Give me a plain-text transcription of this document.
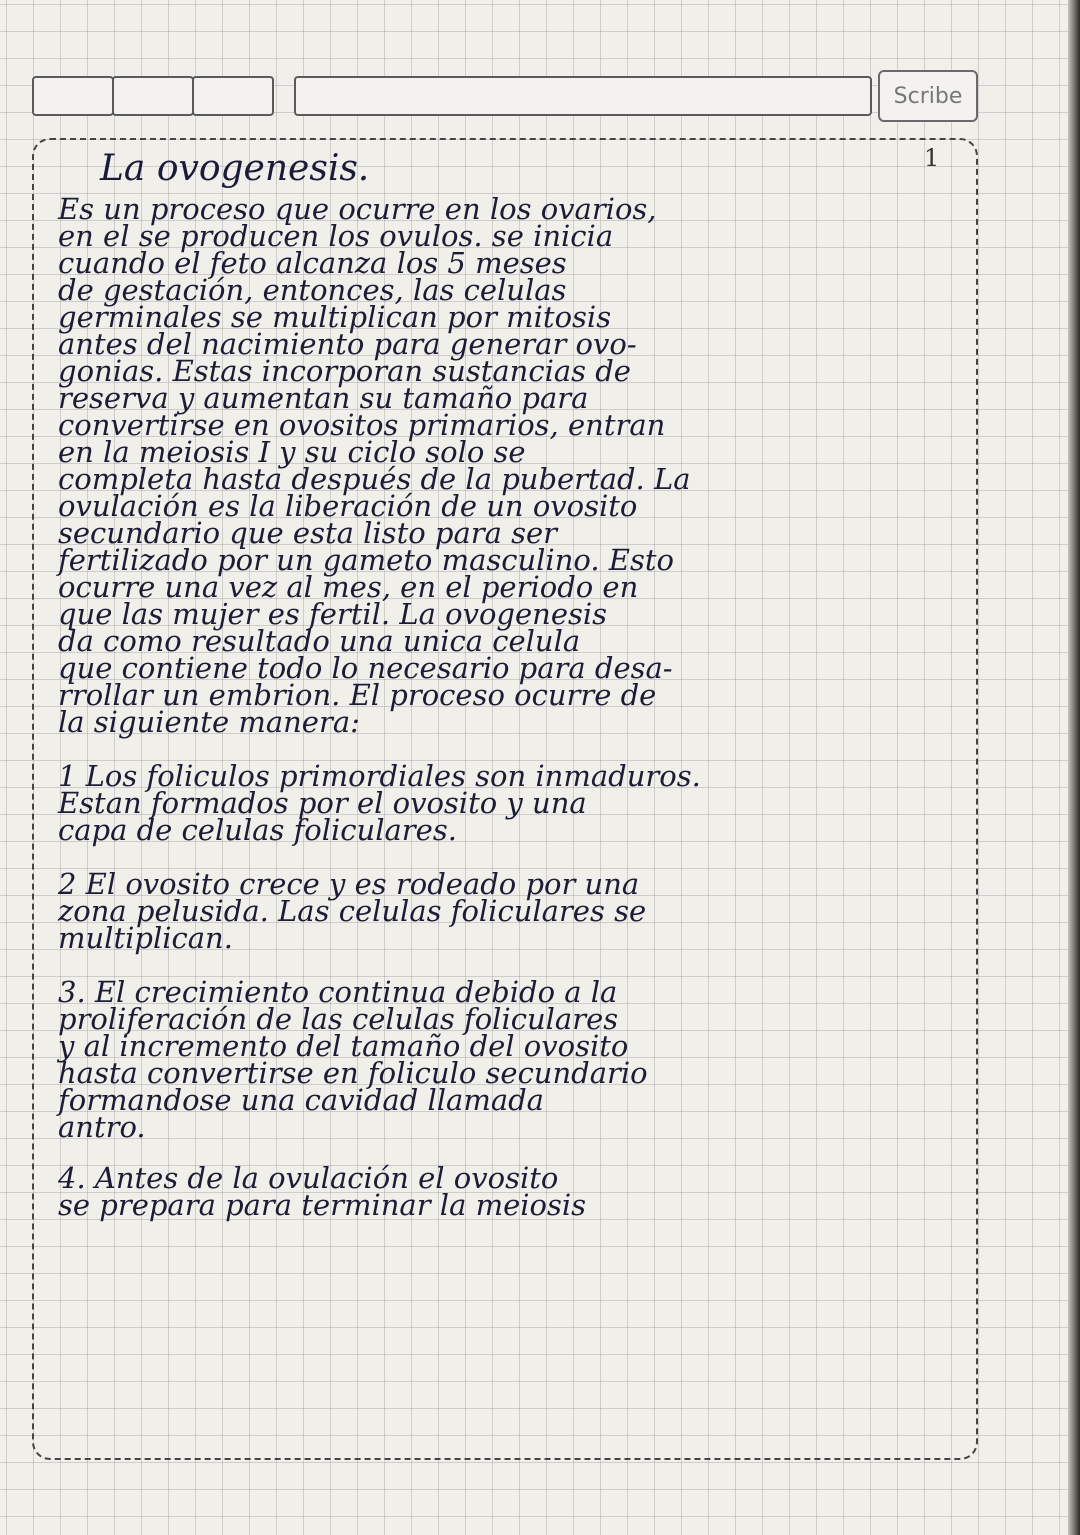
Scribe
1
La ovogenesis.
Es un proceso que ocurre en los ovarios,
en el se producen los ovulos. se inicia
cuando el feto alcanza los 5 meses
de gestación, entonces, las celulas
germinales se multiplican por mitosis
antes del nacimiento para generar ovo-
gonias. Estas incorporan sustancias de
reserva y aumentan su tamaño para
convertirse en ovositos primarios, entran
en la meiosis I y su ciclo solo se
completa hasta después de la pubertad. La
ovulación es la liberación de un ovosito
secundario que esta listo para ser
fertilizado por un gameto masculino. Esto
ocurre una vez al mes, en el periodo en
que las mujer es fertil. La ovogenesis
da como resultado una unica celula
que contiene todo lo necesario para desa-
rrollar un embrion. El proceso ocurre de
la siguiente manera:
1 Los foliculos primordiales son inmaduros.
Estan formados por el ovosito y una
capa de celulas foliculares.
2 El ovosito crece y es rodeado por una
zona pelusida. Las celulas foliculares se
multiplican.
3. El crecimiento continua debido a la
proliferación de las celulas foliculares
y al incremento del tamaño del ovosito
hasta convertirse en foliculo secundario
formandose una cavidad llamada
antro.
4. Antes de la ovulación el ovosito
se prepara para terminar la meiosis
